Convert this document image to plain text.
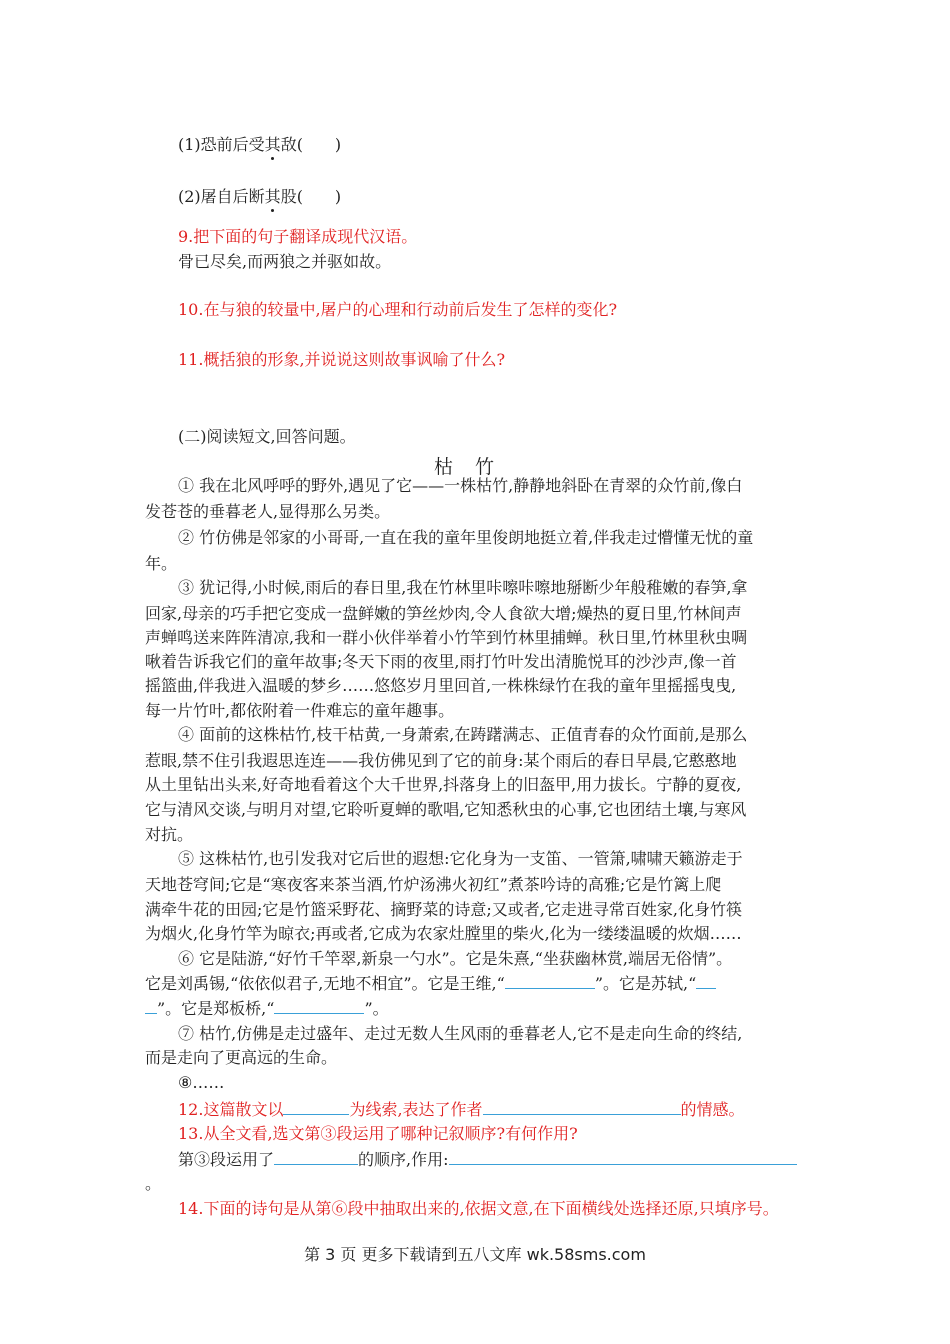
(1)恐前后受其敌(　　)
(2)屠自后断其股(　　)
9.把下面的句子翻译成现代汉语。
骨已尽矣,而两狼之并驱如故。
10.在与狼的较量中,屠户的心理和行动前后发生了怎样的变化?
11.概括狼的形象,并说说这则故事讽喻了什么?
(二)阅读短文,回答问题。
枯竹
① 我在北风呼呼的野外,遇见了它——一株枯竹,静静地斜卧在青翠的众竹前,像白
发苍苍的垂暮老人,显得那么另类。
② 竹仿佛是邻家的小哥哥,一直在我的童年里俊朗地挺立着,伴我走过懵懂无忧的童
年。
③ 犹记得,小时候,雨后的春日里,我在竹林里咔嚓咔嚓地掰断少年般稚嫩的春笋,拿
回家,母亲的巧手把它变成一盘鲜嫩的笋丝炒肉,令人食欲大增;燥热的夏日里,竹林间声
声蝉鸣送来阵阵清凉,我和一群小伙伴举着小竹竿到竹林里捕蝉。秋日里,竹林里秋虫啁
啾着告诉我它们的童年故事;冬天下雨的夜里,雨打竹叶发出清脆悦耳的沙沙声,像一首
摇篮曲,伴我进入温暖的梦乡……悠悠岁月里回首,一株株绿竹在我的童年里摇摇曳曳,
每一片竹叶,都依附着一件难忘的童年趣事。
④ 面前的这株枯竹,枝干枯黄,一身萧索,在踌躇满志、正值青春的众竹面前,是那么
惹眼,禁不住引我遐思连连——我仿佛见到了它的前身:某个雨后的春日早晨,它憨憨地
从土里钻出头来,好奇地看着这个大千世界,抖落身上的旧盔甲,用力拔长。宁静的夏夜,
它与清风交谈,与明月对望,它聆听夏蝉的歌唱,它知悉秋虫的心事,它也团结土壤,与寒风
对抗。
⑤ 这株枯竹,也引发我对它后世的遐想:它化身为一支笛、一管箫,啸啸天籁游走于
天地苍穹间;它是“寒夜客来茶当酒,竹炉汤沸火初红”煮茶吟诗的高雅;它是竹篱上爬
满牵牛花的田园;它是竹篮采野花、摘野菜的诗意;又或者,它走进寻常百姓家,化身竹筷
为烟火,化身竹竿为晾衣;再或者,它成为农家灶膛里的柴火,化为一缕缕温暖的炊烟……
⑥ 它是陆游,“好竹千竿翠,新泉一勺水”。它是朱熹,“坐获幽林赏,端居无俗情”。
它是刘禹锡,“依依似君子,无地不相宜”。它是王维,“	”。它是苏轼,“
”。它是郑板桥,“	”。
⑦ 枯竹,仿佛是走过盛年、走过无数人生风雨的垂暮老人,它不是走向生命的终结,
而是走向了更高远的生命。
⑧……
12.这篇散文以	为线索,表达了作者	的情感。
13.从全文看,选文第③段运用了哪种记叙顺序?有何作用?
第③段运用了	的顺序,作用:
。
14.下面的诗句是从第⑥段中抽取出来的,依据文意,在下面横线处选择还原,只填序号。
第 3 页 更多下载请到五八文库 wk.58sms.com
